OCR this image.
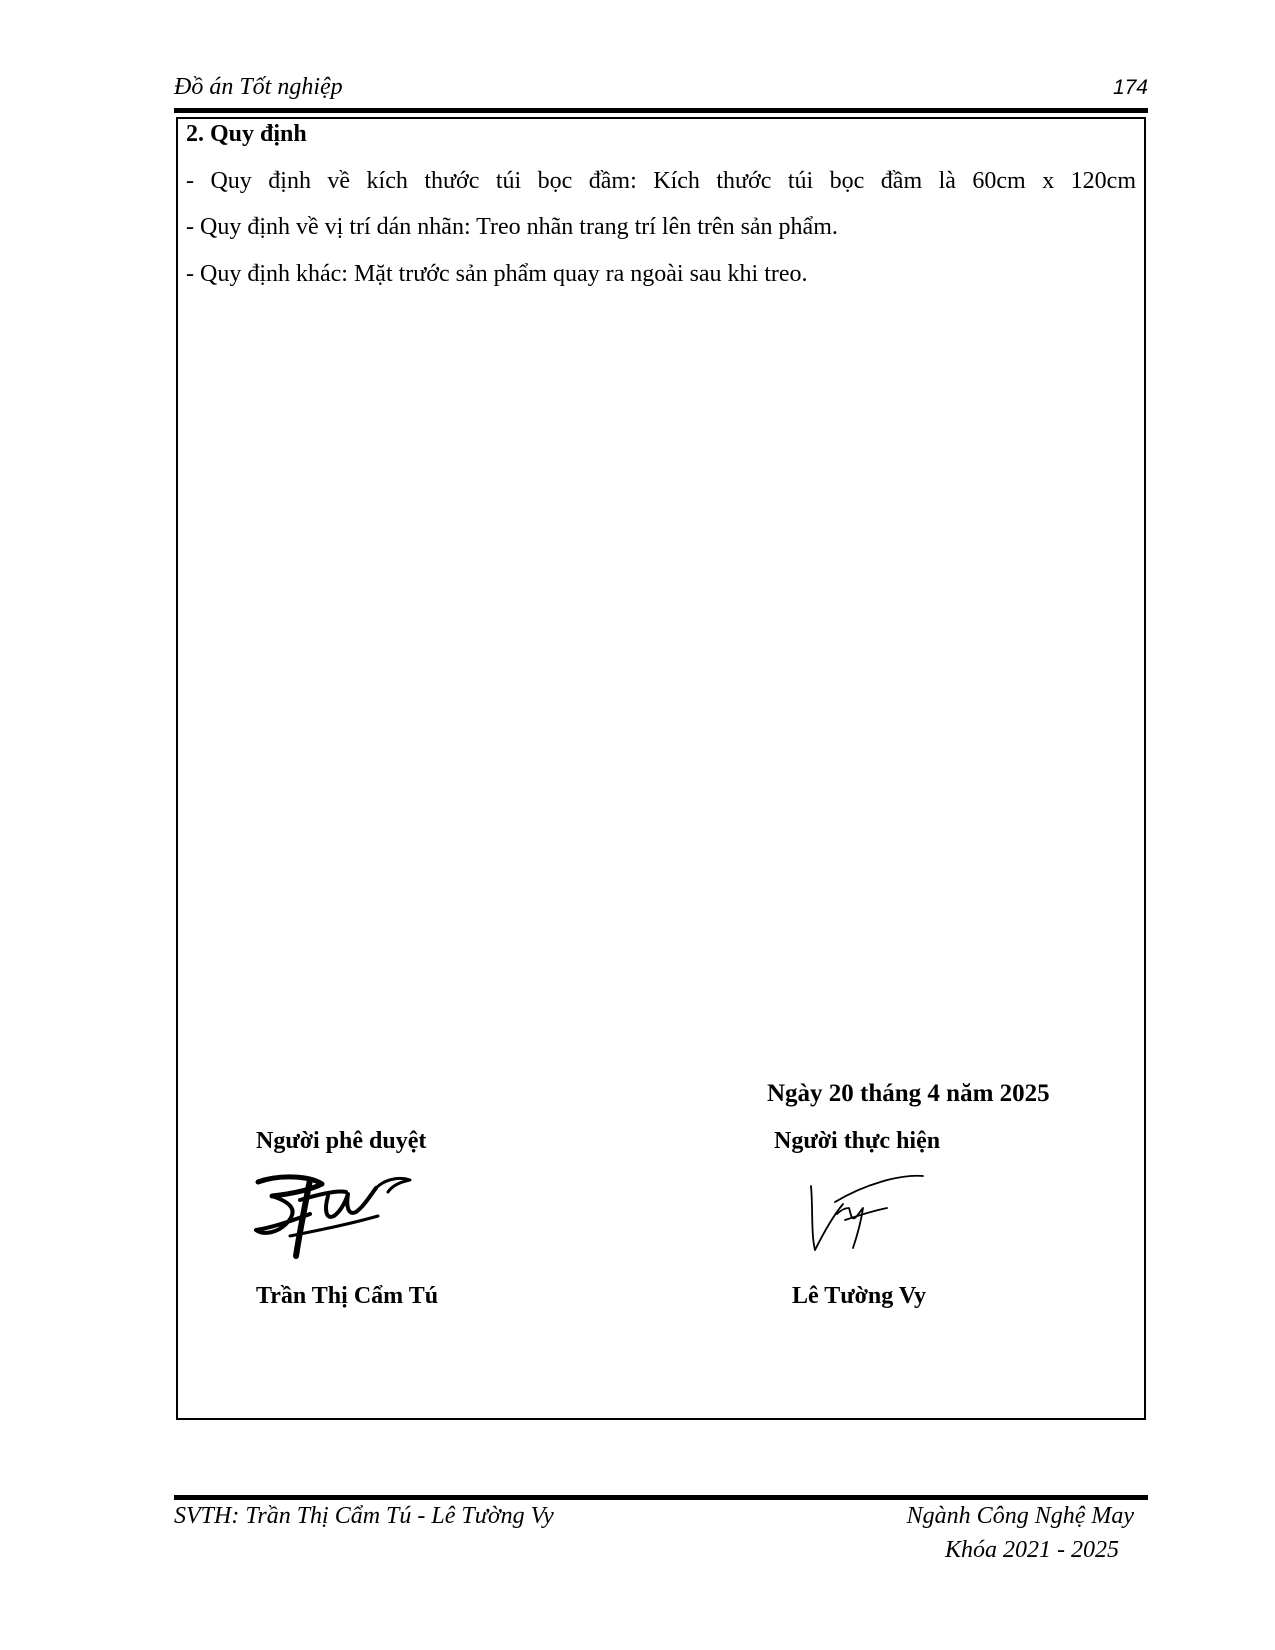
Đồ án Tốt nghiệp	174
2. Quy định
- Quy định về kích thước túi bọc đầm: Kích thước túi bọc đầm là 60cm x 120cm
- Quy định về vị trí dán nhãn: Treo nhãn trang trí lên trên sản phẩm.
- Quy định khác: Mặt trước sản phẩm quay ra ngoài sau khi treo.
Ngày 20 tháng 4 năm 2025
Người phê duyệt	Người thực hiện
Trần Thị Cẩm Tú	Lê Tường Vy
SVTH: Trần Thị Cẩm Tú - Lê Tường Vy	Ngành Công Nghệ May
Khóa 2021 - 2025
